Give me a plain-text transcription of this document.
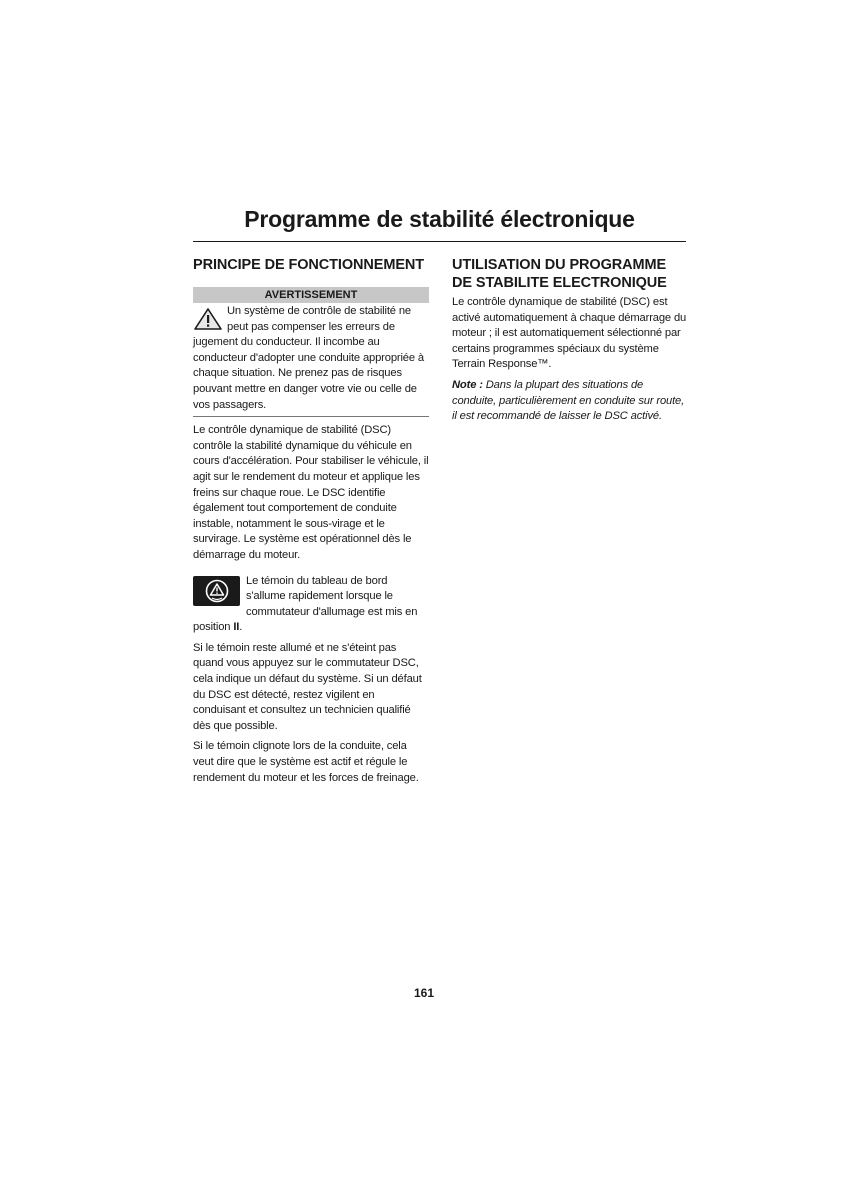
Programme de stabilité électronique
PRINCIPE DE FONCTIONNEMENT
AVERTISSEMENT

Un système de contrôle de stabilité ne peut pas compenser les erreurs de jugement du conducteur. Il incombe au conducteur d'adopter une conduite appropriée à chaque situation. Ne prenez pas de risques pouvant mettre en danger votre vie ou celle de vos passagers.

Le contrôle dynamique de stabilité (DSC) contrôle la stabilité dynamique du véhicule en cours d'accélération. Pour stabiliser le véhicule, il agit sur le rendement du moteur et applique les freins sur chaque roue. Le DSC identifie également tout comportement de conduite instable, notamment le sous-virage et le survirage. Le système est opérationnel dès le démarrage du moteur.

Le témoin du tableau de bord s'allume rapidement lorsque le commutateur d'allumage est mis en position II.

Si le témoin reste allumé et ne s'éteint pas quand vous appuyez sur le commutateur DSC, cela indique un défaut du système. Si un défaut du DSC est détecté, restez vigilent en conduisant et consultez un technicien qualifié dès que possible.

Si le témoin clignote lors de la conduite, cela veut dire que le système est actif et régule le rendement du moteur et les forces de freinage.

UTILISATION DU PROGRAMME DE STABILITE ELECTRONIQUE

Le contrôle dynamique de stabilité (DSC) est activé automatiquement à chaque démarrage du moteur ; il est automatiquement sélectionné par certains programmes spéciaux du système Terrain Response™.

Note : Dans la plupart des situations de conduite, particulièrement en conduite sur route, il est recommandé de laisser le DSC activé.

161
